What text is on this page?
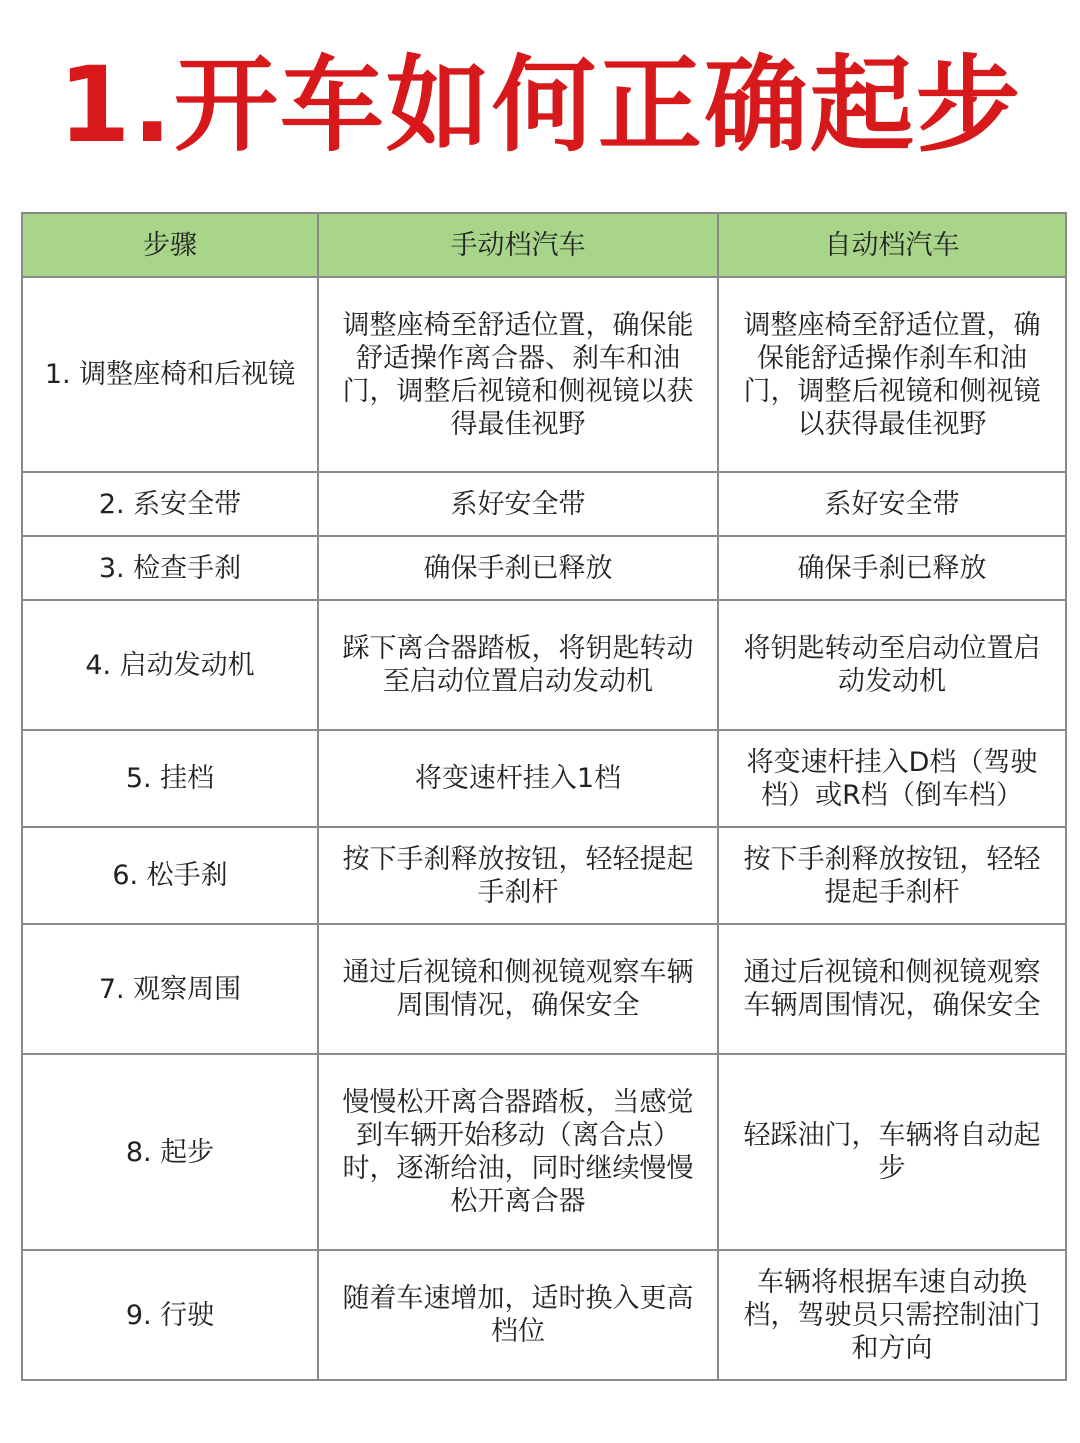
1.开车如何正确起步
步骤	手动档汽车	自动档汽车
1. 调整座椅和后视镜	调整座椅至舒适位置，确保能舒适操作离合器、刹车和油门，调整后视镜和侧视镜以获得最佳视野	调整座椅至舒适位置，确保能舒适操作刹车和油门，调整后视镜和侧视镜以获得最佳视野
2. 系安全带	系好安全带	系好安全带
3. 检查手刹	确保手刹已释放	确保手刹已释放
4. 启动发动机	踩下离合器踏板，将钥匙转动至启动位置启动发动机	将钥匙转动至启动位置启动发动机
5. 挂档	将变速杆挂入1档	将变速杆挂入D档（驾驶档）或R档（倒车档）
6. 松手刹	按下手刹释放按钮，轻轻提起手刹杆	按下手刹释放按钮，轻轻提起手刹杆
7. 观察周围	通过后视镜和侧视镜观察车辆周围情况，确保安全	通过后视镜和侧视镜观察车辆周围情况，确保安全
8. 起步	慢慢松开离合器踏板，当感觉到车辆开始移动（离合点）时，逐渐给油，同时继续慢慢松开离合器	轻踩油门，车辆将自动起步
9. 行驶	随着车速增加，适时换入更高档位	车辆将根据车速自动换档，驾驶员只需控制油门和方向
